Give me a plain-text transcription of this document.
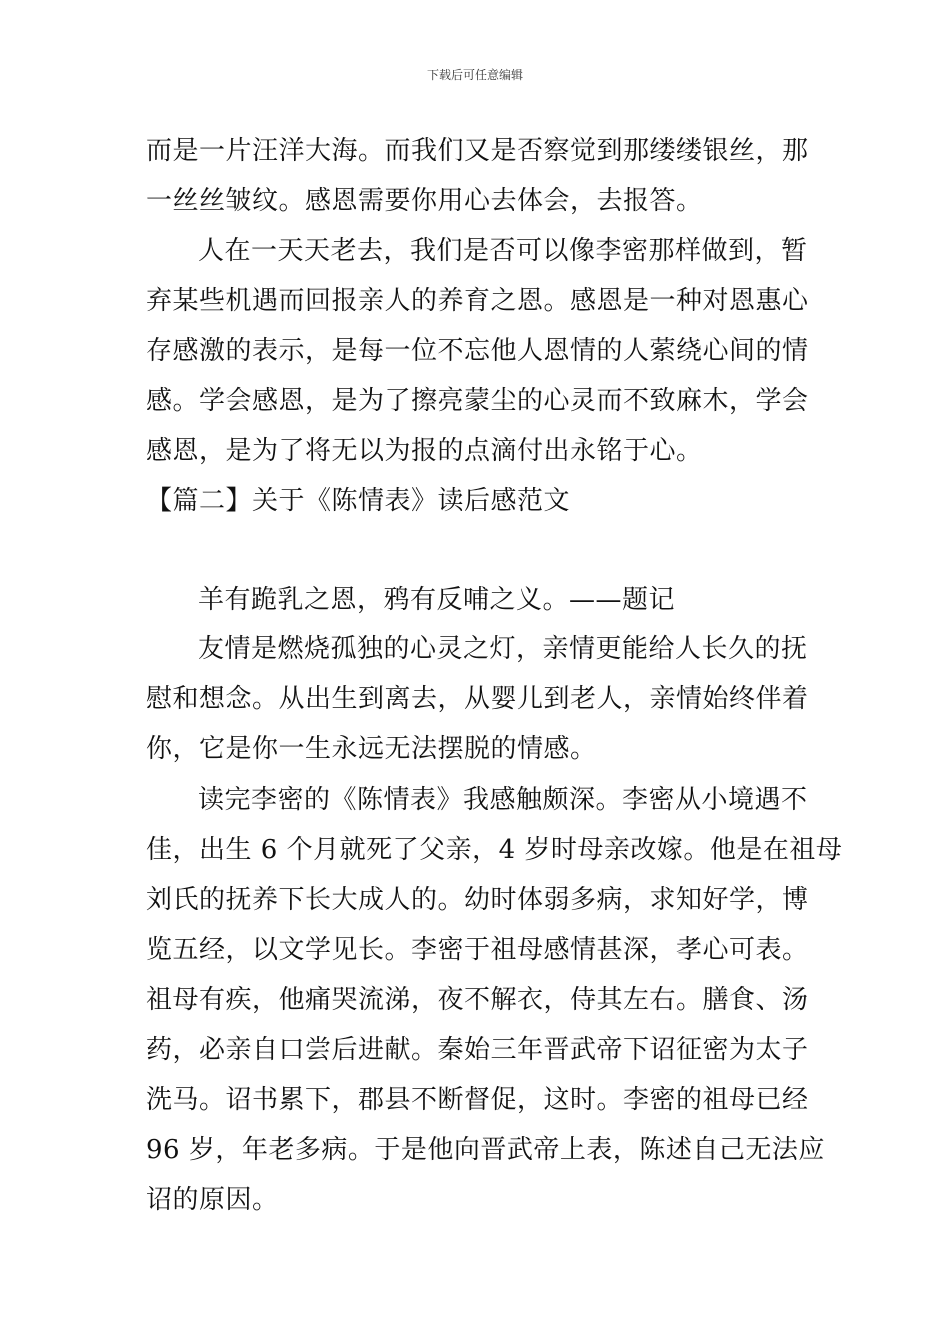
下载后可任意编辑
而是一片汪洋大海。而我们又是否察觉到那缕缕银丝，那
一丝丝皱纹。感恩需要你用心去体会，去报答。
人在一天天老去，我们是否可以像李密那样做到，暂
弃某些机遇而回报亲人的养育之恩。感恩是一种对恩惠心
存感激的表示，是每一位不忘他人恩情的人萦绕心间的情
感。学会感恩，是为了擦亮蒙尘的心灵而不致麻木，学会
感恩，是为了将无以为报的点滴付出永铭于心。
【篇二】关于《陈情表》读后感范文
羊有跪乳之恩，鸦有反哺之义。——题记
友情是燃烧孤独的心灵之灯，亲情更能给人长久的抚
慰和想念。从出生到离去，从婴儿到老人，亲情始终伴着
你，它是你一生永远无法摆脱的情感。
读完李密的《陈情表》我感触颇深。李密从小境遇不
佳，出生 6 个月就死了父亲，4 岁时母亲改嫁。他是在祖母
刘氏的抚养下长大成人的。幼时体弱多病，求知好学，博
览五经，以文学见长。李密于祖母感情甚深，孝心可表。
祖母有疾，他痛哭流涕，夜不解衣，侍其左右。膳食、汤
药，必亲自口尝后进献。秦始三年晋武帝下诏征密为太子
洗马。诏书累下，郡县不断督促，这时。李密的祖母已经
96 岁，年老多病。于是他向晋武帝上表，陈述自己无法应
诏的原因。
